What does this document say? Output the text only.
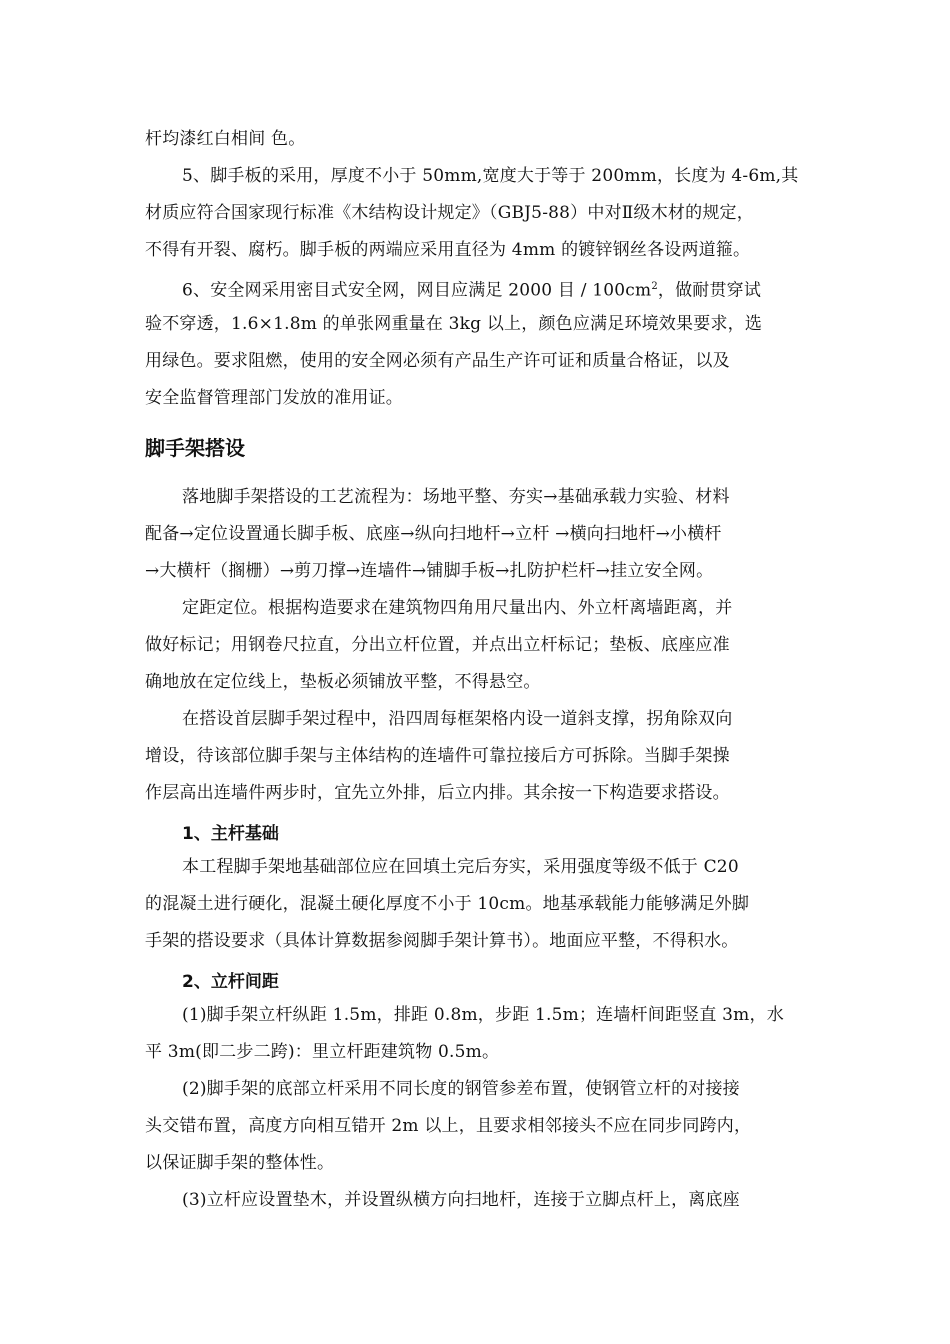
杆均漆红白相间 色。
5、脚手板的采用，厚度不小于 50mm,宽度大于等于 200mm，长度为 4-6m,其
材质应符合国家现行标准《木结构设计规定》（GBJ5-88）中对Ⅱ级木材的规定，
不得有开裂、腐朽。脚手板的两端应采用直径为 4mm 的镀锌钢丝各设两道箍。
6、安全网采用密目式安全网，网目应满足 2000 目 / $100cm^2$，做耐贯穿试
验不穿透，1.6×1.8m 的单张网重量在 3kg 以上，颜色应满足环境效果要求，选
用绿色。要求阻燃，使用的安全网必须有产品生产许可证和质量合格证，以及
安全监督管理部门发放的准用证。
脚手架搭设
落地脚手架搭设的工艺流程为：场地平整、夯实→基础承载力实验、材料
配备→定位设置通长脚手板、底座→纵向扫地杆→立杆 →横向扫地杆→小横杆
→大横杆（搁栅）→剪刀撑→连墙件→铺脚手板→扎防护栏杆→挂立安全网。
定距定位。根据构造要求在建筑物四角用尺量出内、外立杆离墙距离，并
做好标记；用钢卷尺拉直，分出立杆位置，并点出立杆标记；垫板、底座应准
确地放在定位线上，垫板必须铺放平整，不得悬空。
在搭设首层脚手架过程中，沿四周每框架格内设一道斜支撑，拐角除双向
增设，待该部位脚手架与主体结构的连墙件可靠拉接后方可拆除。当脚手架操
作层高出连墙件两步时，宜先立外排，后立内排。其余按一下构造要求搭设。
1、主杆基础
本工程脚手架地基础部位应在回填土完后夯实，采用强度等级不低于 C20
的混凝土进行硬化，混凝土硬化厚度不小于 10cm。地基承载能力能够满足外脚
手架的搭设要求（具体计算数据参阅脚手架计算书）。地面应平整，不得积水。
2、立杆间距
(1)脚手架立杆纵距 1.5m，排距 0.8m，步距 1.5m；连墙杆间距竖直 3m，水
平 3m(即二步二跨)：里立杆距建筑物 0.5m。
(2)脚手架的底部立杆采用不同长度的钢管参差布置，使钢管立杆的对接接
头交错布置，高度方向相互错开 2m 以上，且要求相邻接头不应在同步同跨内，
以保证脚手架的整体性。
(3)立杆应设置垫木，并设置纵横方向扫地杆，连接于立脚点杆上，离底座
